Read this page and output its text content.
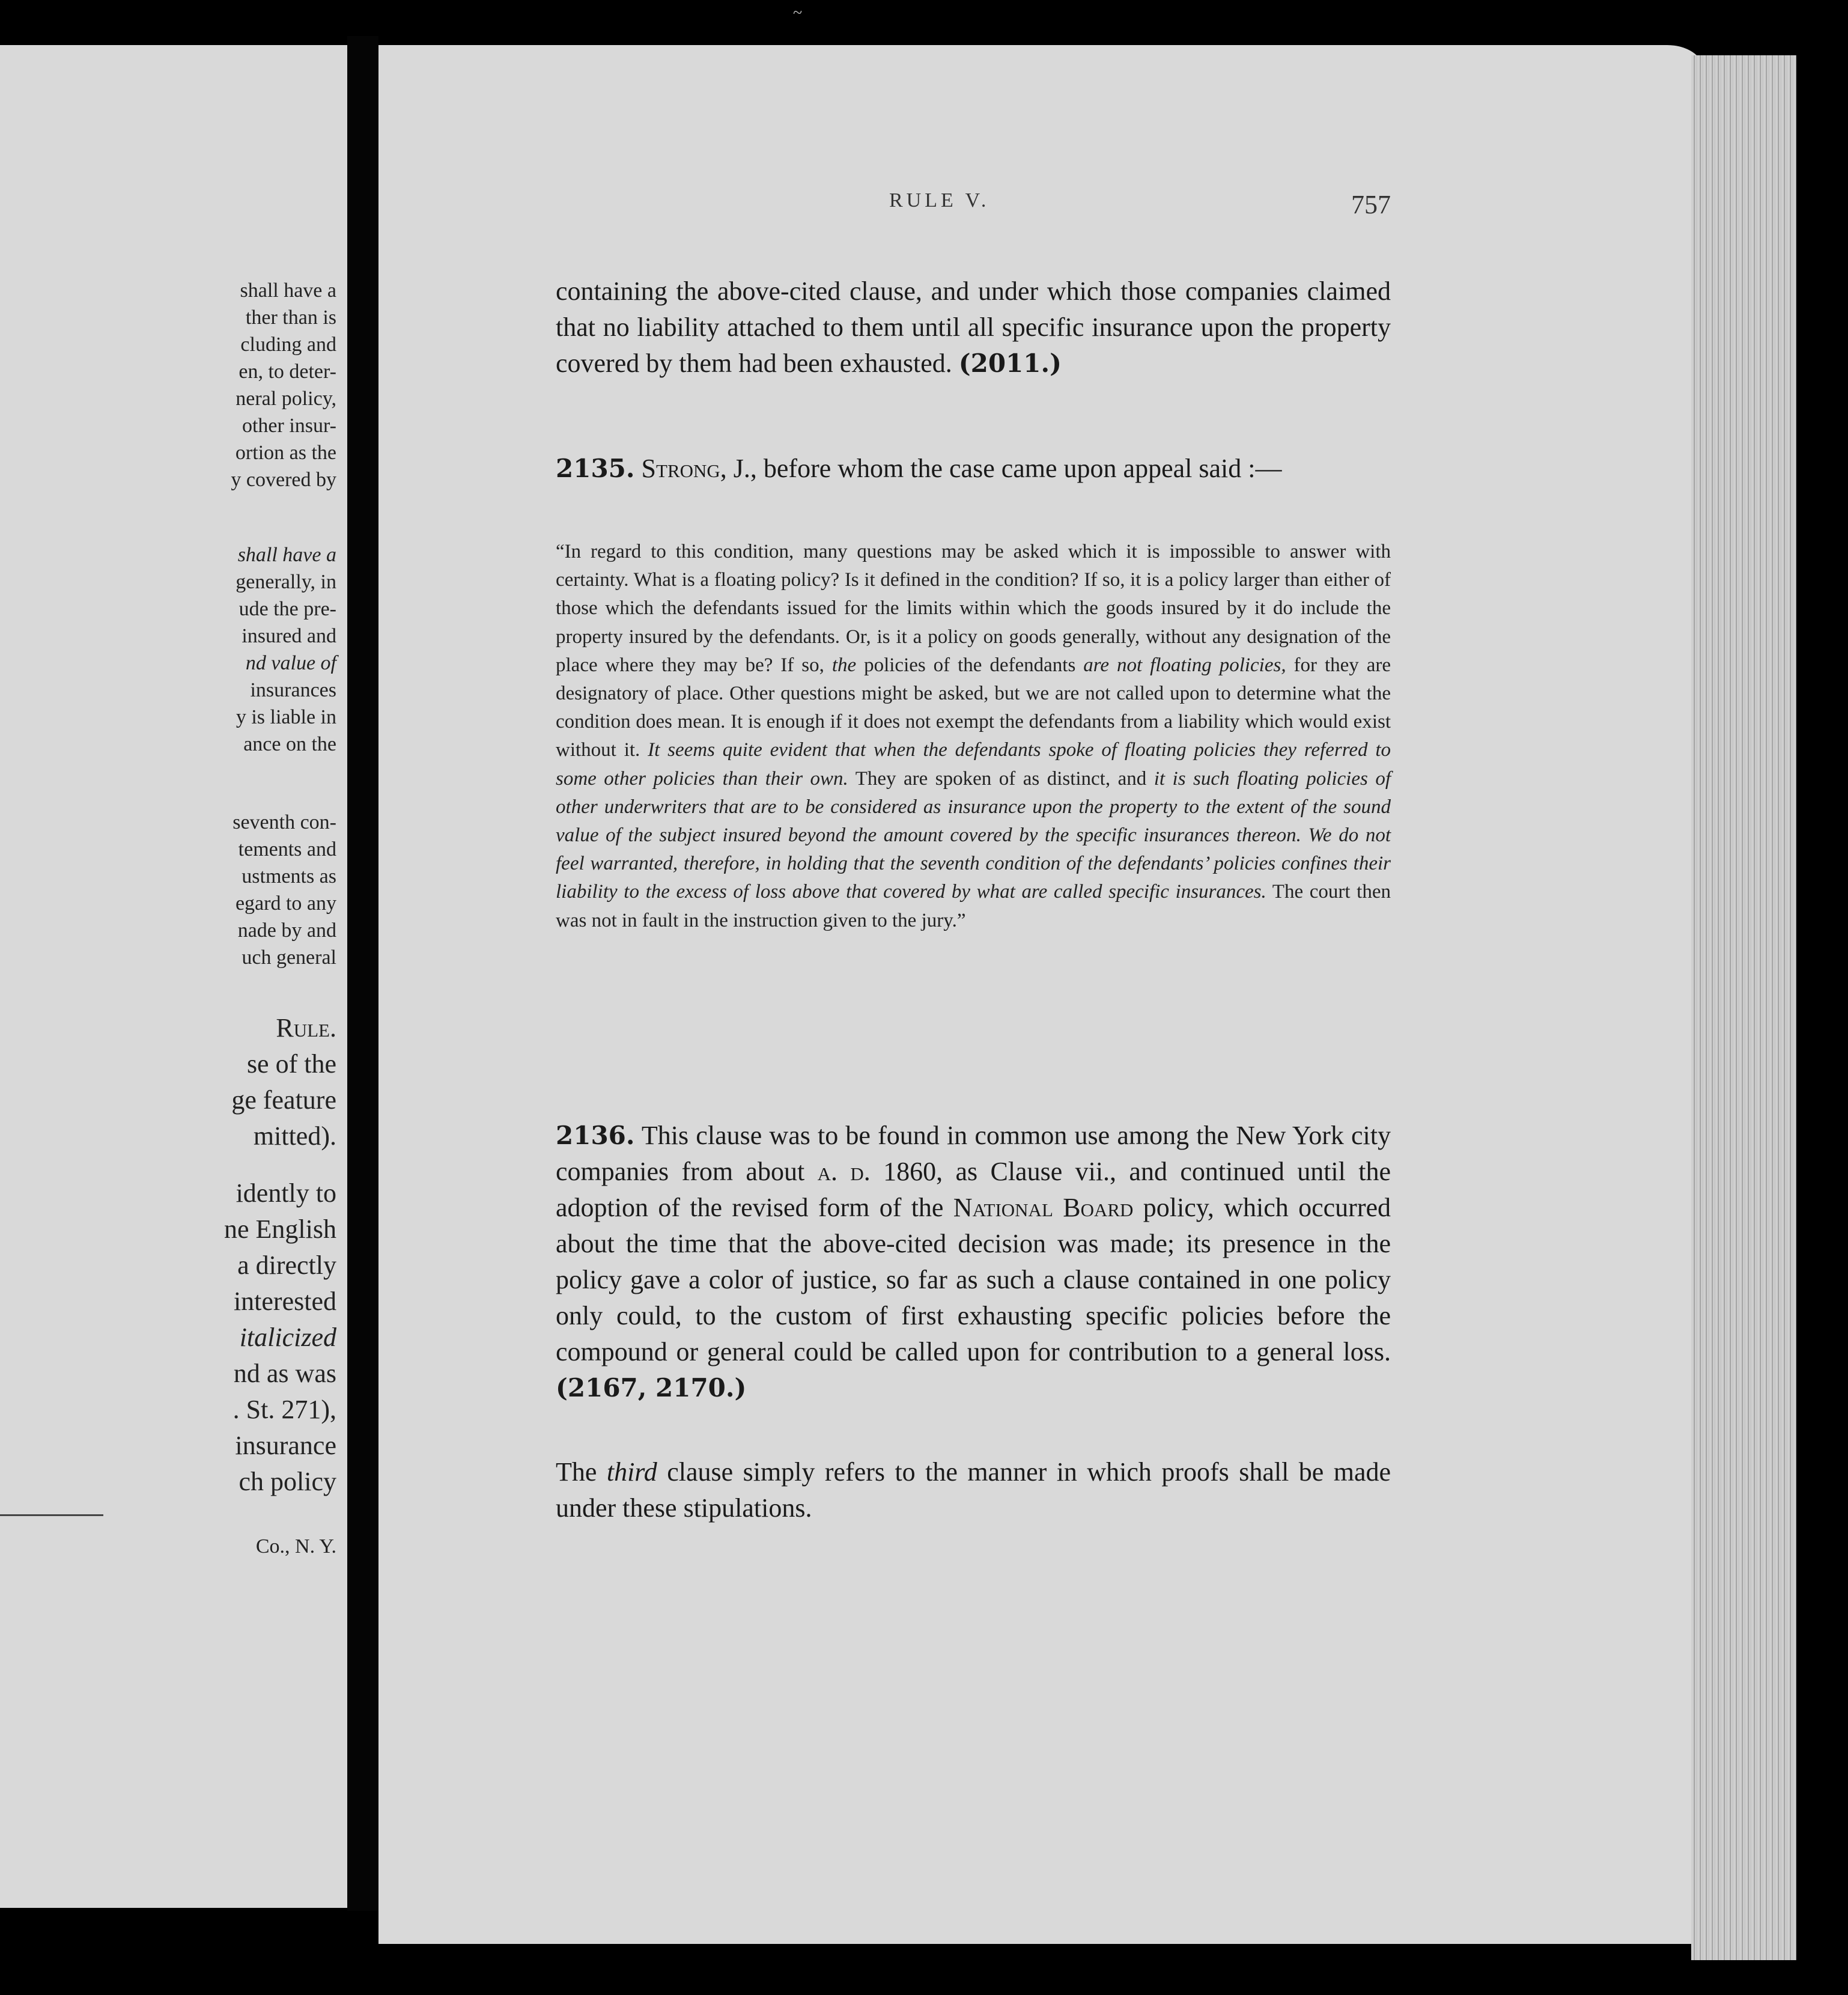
shall have a
ther than is
cluding and
en, to deter-
neral policy,
other insur-
ortion as the
y covered by
shall have a
generally, in
ude the pre-
insured and
nd value of
insurances
y is liable in
ance on the
seventh con-
tements and
ustments as
egard to any
nade by and
uch general
Rule.
se of the
ge feature
mitted).
idently to
ne English
a directly
interested
italicized
nd as was
. St. 271),
insurance
ch policy
Co., N. Y.
~
RULE V.	757
containing the above-cited clause, and under which those companies claimed that no liability attached to them until all specific insurance upon the property covered by them had been exhausted. (2011.)
2135. Strong, J., before whom the case came upon appeal said :—
“In regard to this condition, many questions may be asked which it is impossible to answer with certainty. What is a floating policy? Is it defined in the condition? If so, it is a policy larger than either of those which the defendants issued for the limits within which the goods insured by it do include the property insured by the defendants. Or, is it a policy on goods generally, without any designation of the place where they may be? If so, the policies of the defendants are not floating policies, for they are designatory of place. Other questions might be asked, but we are not called upon to determine what the condition does mean. It is enough if it does not exempt the defendants from a liability which would exist without it. It seems quite evident that when the defendants spoke of floating policies they referred to some other policies than their own. They are spoken of as distinct, and it is such floating policies of other underwriters that are to be considered as insurance upon the property to the extent of the sound value of the subject insured beyond the amount covered by the specific insurances thereon. We do not feel warranted, therefore, in holding that the seventh condition of the defendants’ policies confines their liability to the excess of loss above that covered by what are called specific insurances. The court then was not in fault in the instruction given to the jury.”
2136. This clause was to be found in common use among the New York city companies from about a. d. 1860, as Clause vii., and continued until the adoption of the revised form of the National Board policy, which occurred about the time that the above-cited decision was made; its presence in the policy gave a color of justice, so far as such a clause contained in one policy only could, to the custom of first exhausting specific policies before the compound or general could be called upon for contribution to a general loss. (2167, 2170.)
The third clause simply refers to the manner in which proofs shall be made under these stipulations.
